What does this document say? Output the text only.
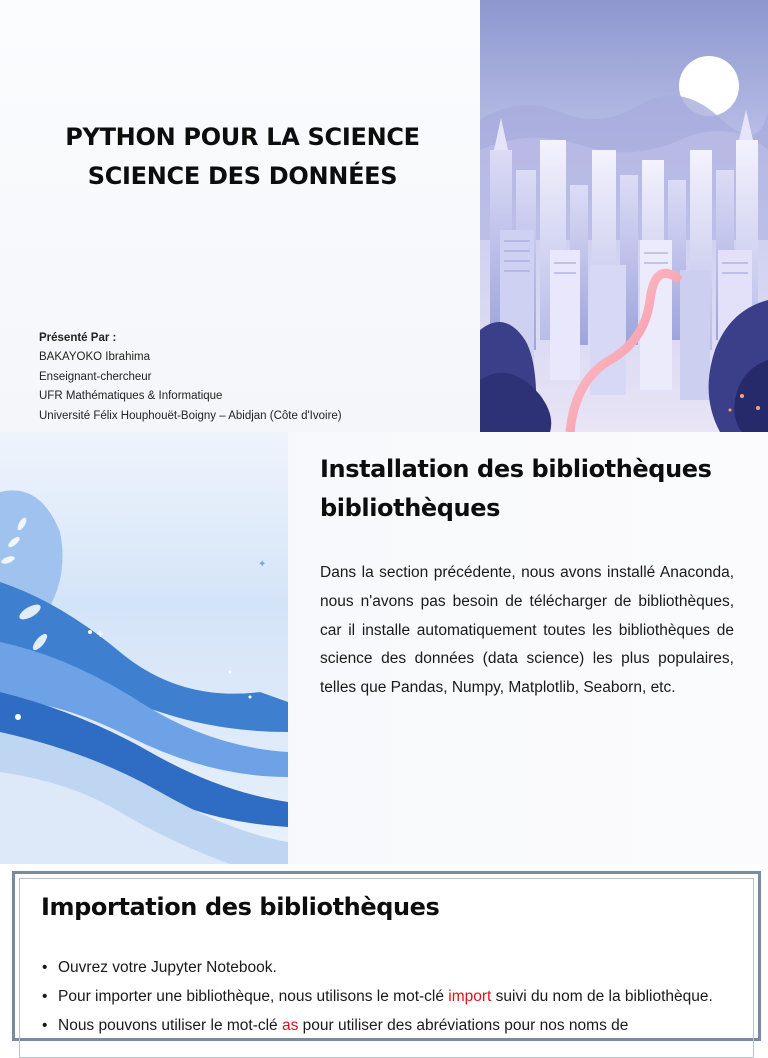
PYTHON POUR LA SCIENCE
SCIENCE DES DONNÉES
Présenté Par :
BAKAYOKO Ibrahima
Enseignant-chercheur
UFR Mathématiques & Informatique
Université Félix Houphouët-Boigny – Abidjan (Côte d'Ivoire)
✦
+
Installation des bibliothèques
bibliothèques

Dans la section précédente, nous avons installé Anaconda, nous n'avons pas besoin de télécharger de bibliothèques, car il installe automatiquement toutes les bibliothèques de science des données (data science) les plus populaires, telles que Pandas, Numpy, Matplotlib, Seaborn, etc.

Importation des bibliothèques
• Ouvrez votre Jupyter Notebook.
• Pour importer une bibliothèque, nous utilisons le mot-clé import suivi du nom de la bibliothèque.
• Nous pouvons utiliser le mot-clé as pour utiliser des abréviations pour nos noms de
